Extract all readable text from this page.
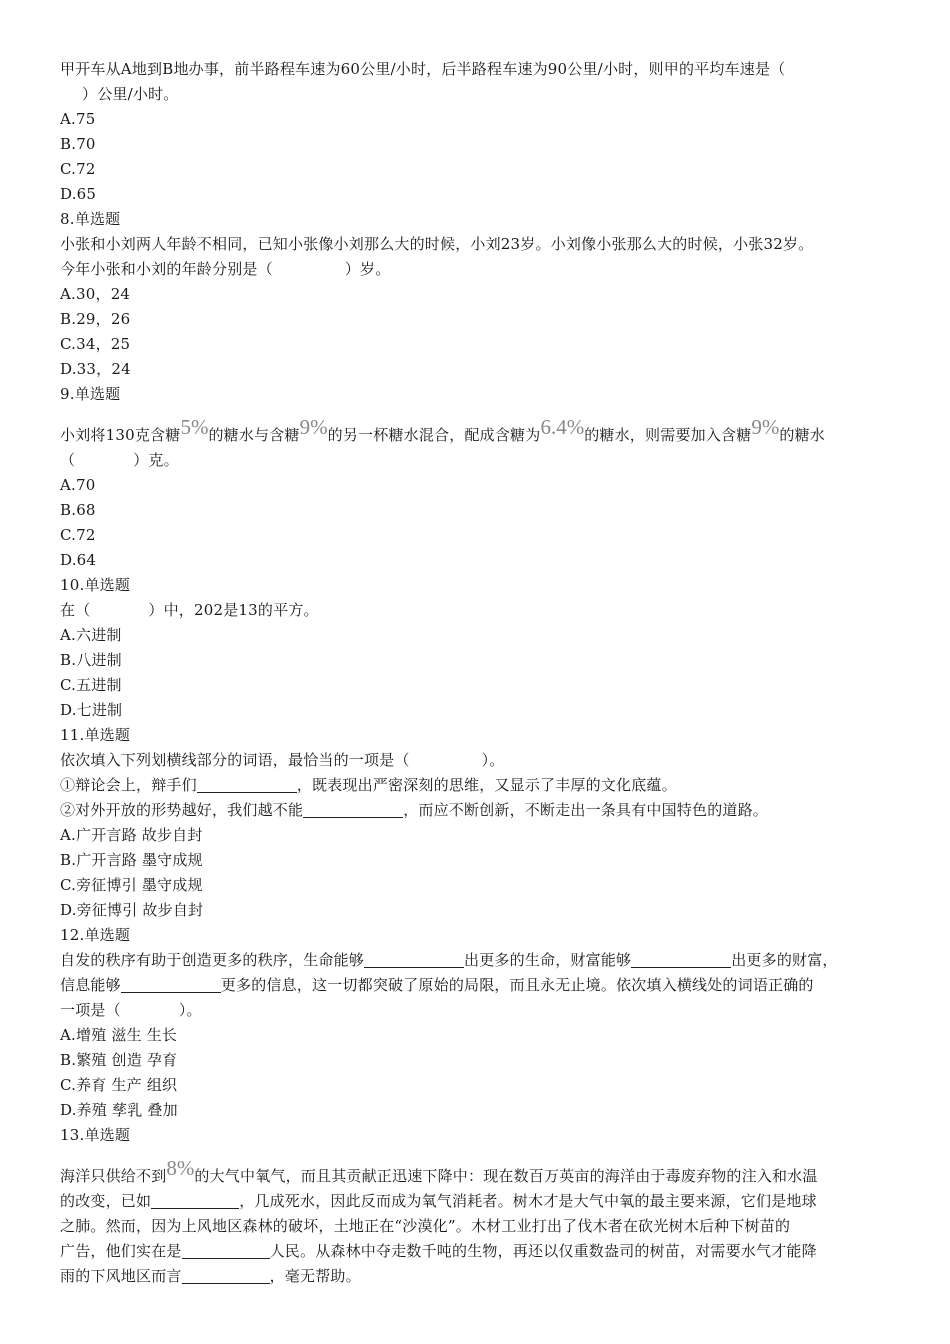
甲开车从A地到B地办事，前半路程车速为60公里/小时，后半路程车速为90公里/小时，则甲的平均车速是（
）公里/小时。
A.75
B.70
C.72
D.65
8.单选题
小张和小刘两人年龄不相同，已知小张像小刘那么大的时候，小刘23岁。小刘像小张那么大的时候，小张32岁。
今年小张和小刘的年龄分别是（	）岁。
A.30，24
B.29，26
C.34，25
D.33，24
9.单选题
小刘将130克含糖5%的糖水与含糖9%的另一杯糖水混合，配成含糖为6.4%的糖水，则需要加入含糖9%的糖水
（	）克。
A.70
B.68
C.72
D.64
10.单选题
在（	）中，202是13的平方。
A.六进制
B.八进制
C.五进制
D.七进制
11.单选题
依次填入下列划横线部分的词语，最恰当的一项是（	）。
①辩论会上，辩手们	，既表现出严密深刻的思维，又显示了丰厚的文化底蕴。
②对外开放的形势越好，我们越不能	，而应不断创新，不断走出一条具有中国特色的道路。
A.广开言路 故步自封
B.广开言路 墨守成规
C.旁征博引 墨守成规
D.旁征博引 故步自封
12.单选题
自发的秩序有助于创造更多的秩序，生命能够	出更多的生命，财富能够	出更多的财富，
信息能够	更多的信息，这一切都突破了原始的局限，而且永无止境。依次填入横线处的词语正确的
一项是（	）。
A.增殖 滋生 生长
B.繁殖 创造 孕育
C.养育 生产 组织
D.养殖 孳乳 叠加
13.单选题
海洋只供给不到8%的大气中氧气，而且其贡献正迅速下降中：现在数百万英亩的海洋由于毒废弃物的注入和水温
的改变，已如	，几成死水，因此反而成为氧气消耗者。树木才是大气中氧的最主要来源，它们是地球
之肺。然而，因为上风地区森林的破坏，土地正在“沙漠化”。木材工业打出了伐木者在砍光树木后种下树苗的
广告，他们实在是	人民。从森林中夺走数千吨的生物，再还以仅重数盎司的树苗，对需要水气才能降
雨的下风地区而言	，毫无帮助。
